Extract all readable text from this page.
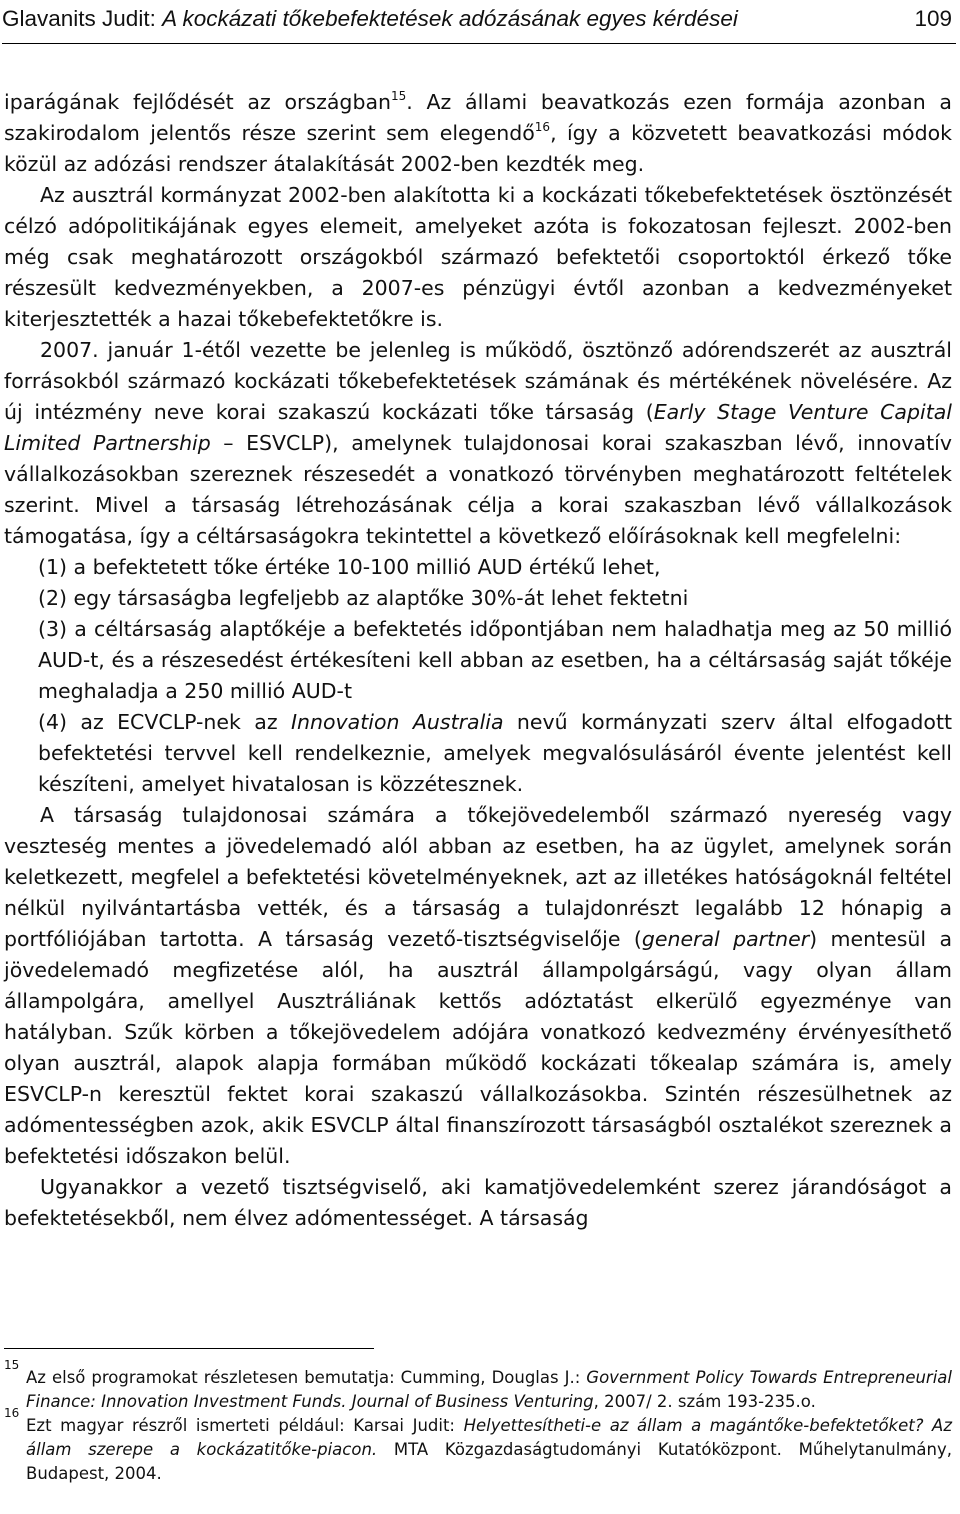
Glavanits Judit: A kockázati tőkebefektetések adózásának egyes kérdései	109

iparágának fejlődését az országban$^{15}$. Az állami beavatkozás ezen formája azonban a szakirodalom jelentős része szerint sem elegendő$^{16}$, így a közvetett beavatkozási módok közül az adózási rendszer átalakítását 2002-ben kezdték meg.

Az ausztrál kormányzat 2002-ben alakította ki a kockázati tőkebefektetések ösztönzését célzó adópolitikájának egyes elemeit, amelyeket azóta is fokozatosan fejleszt. 2002-ben még csak meghatározott országokból származó befektetői csoportoktól érkező tőke részesült kedvezményekben, a 2007-es pénzügyi évtől azonban a kedvezményeket kiterjesztették a hazai tőkebefektetőkre is.

2007. január 1-étől vezette be jelenleg is működő, ösztönző adórendszerét az ausztrál forrásokból származó kockázati tőkebefektetések számának és mértékének növelésére. Az új intézmény neve korai szakaszú kockázati tőke társaság (Early Stage Venture Capital Limited Partnership – ESVCLP), amelynek tulajdonosai korai szakaszban lévő, innovatív vállalkozásokban szereznek részesedét a vonatkozó törvényben meghatározott feltételek szerint. Mivel a társaság létrehozásának célja a korai szakaszban lévő vállalkozások támogatása, így a céltársaságokra tekintettel a következő előírásoknak kell megfelelni:

(1) a befektetett tőke értéke 10-100 millió AUD értékű lehet,

(2) egy társaságba legfeljebb az alaptőke 30%-át lehet fektetni

(3) a céltársaság alaptőkéje a befektetés időpontjában nem haladhatja meg az 50 millió AUD-t, és a részesedést értékesíteni kell abban az esetben, ha a céltársaság saját tőkéje meghaladja a 250 millió AUD-t

(4) az ECVCLP-nek az Innovation Australia nevű kormányzati szerv által elfogadott befektetési tervvel kell rendelkeznie, amelyek megvalósulásáról évente jelentést kell készíteni, amelyet hivatalosan is közzétesznek.

A társaság tulajdonosai számára a tőkejövedelemből származó nyereség vagy veszteség mentes a jövedelemadó alól abban az esetben, ha az ügylet, amelynek során keletkezett, megfelel a befektetési követelményeknek, azt az illetékes hatóságoknál feltétel nélkül nyilvántartásba vették, és a társaság a tulajdonrészt legalább 12 hónapig a portfóliójában tartotta. A társaság vezető-tisztségviselője (general partner) mentesül a jövedelemadó megfizetése alól, ha ausztrál állampolgárságú, vagy olyan állam állampolgára, amellyel Ausztráliának kettős adóztatást elkerülő egyezménye van hatályban. Szűk körben a tőkejövedelem adójára vonatkozó kedvezmény érvényesíthető olyan ausztrál, alapok alapja formában működő kockázati tőkealap számára is, amely ESVCLP-n keresztül fektet korai szakaszú vállalkozásokba. Szintén részesülhetnek az adómentességben azok, akik ESVCLP által finanszírozott társaságból osztalékot szereznek a befektetési időszakon belül.

Ugyanakkor a vezető tisztségviselő, aki kamatjövedelemként szerez járandóságot a befektetésekből, nem élvez adómentességet. A társaság

15
Az első programokat részletesen bemutatja: Cumming, Douglas J.: Government Policy Towards Entrepreneurial Finance: Innovation Investment Funds. Journal of Business Venturing, 2007/ 2. szám 193-235.o.

16
Ezt magyar részről ismerteti például: Karsai Judit: Helyettesítheti-e az állam a magántőke-befektetőket? Az állam szerepe a kockázatitőke-piacon. MTA Közgazdaságtudományi Kutatóközpont. Műhelytanulmány, Budapest, 2004.
